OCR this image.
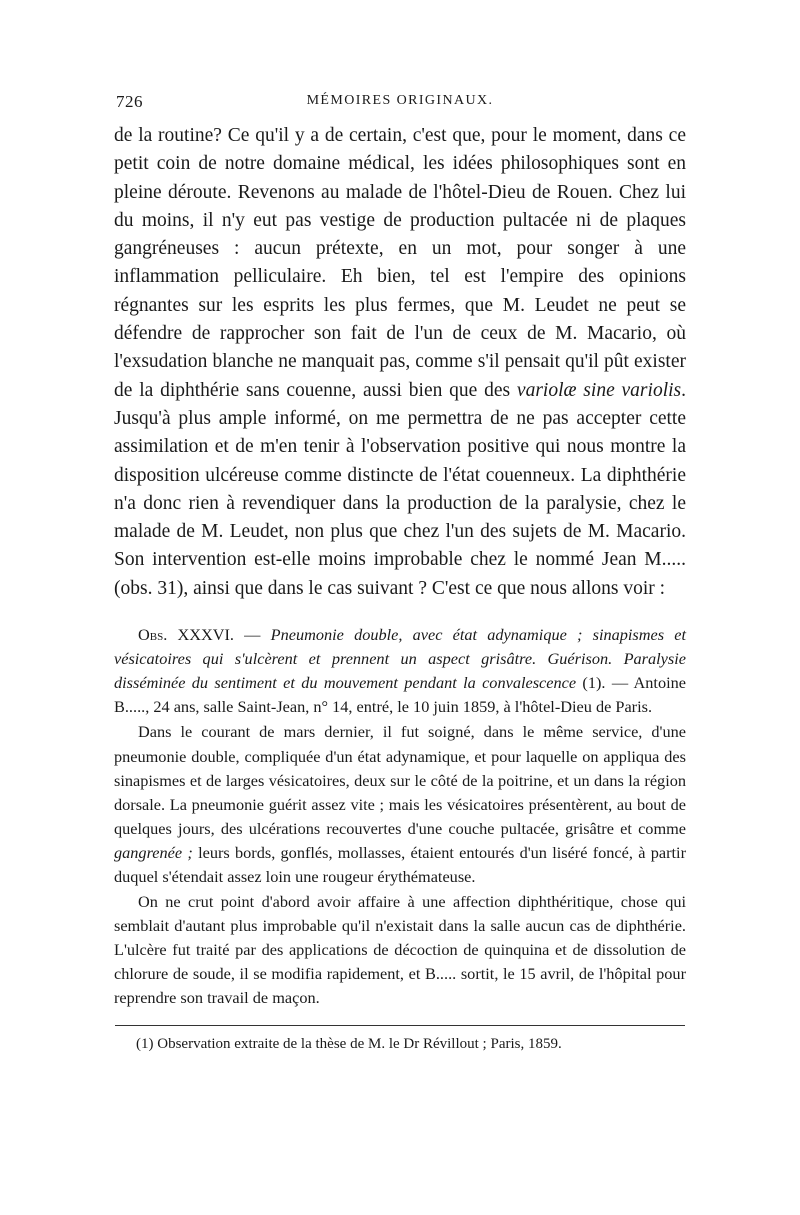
726	MÉMOIRES ORIGINAUX.

de la routine? Ce qu'il y a de certain, c'est que, pour le moment, dans ce petit coin de notre domaine médical, les idées philosophiques sont en pleine déroute. Revenons au malade de l'hôtel-Dieu de Rouen. Chez lui du moins, il n'y eut pas vestige de production pultacée ni de plaques gangréneuses : aucun prétexte, en un mot, pour songer à une inflammation pelliculaire. Eh bien, tel est l'empire des opinions régnantes sur les esprits les plus fermes, que M. Leudet ne peut se défendre de rapprocher son fait de l'un de ceux de M. Macario, où l'exsudation blanche ne manquait pas, comme s'il pensait qu'il pût exister de la diphthérie sans couenne, aussi bien que des variolæ sine variolis. Jusqu'à plus ample informé, on me permettra de ne pas accepter cette assimilation et de m'en tenir à l'observation positive qui nous montre la disposition ulcéreuse comme distincte de l'état couenneux. La diphthérie n'a donc rien à revendiquer dans la production de la paralysie, chez le malade de M. Leudet, non plus que chez l'un des sujets de M. Macario. Son intervention est-elle moins improbable chez le nommé Jean M..... (obs. 31), ainsi que dans le cas suivant ? C'est ce que nous allons voir :

Obs. XXXVI. — Pneumonie double, avec état adynamique ; sinapismes et vésicatoires qui s'ulcèrent et prennent un aspect grisâtre. Guérison. Paralysie disséminée du sentiment et du mouvement pendant la convalescence (1). — Antoine B....., 24 ans, salle Saint-Jean, n° 14, entré, le 10 juin 1859, à l'hôtel-Dieu de Paris.

Dans le courant de mars dernier, il fut soigné, dans le même service, d'une pneumonie double, compliquée d'un état adynamique, et pour laquelle on appliqua des sinapismes et de larges vésicatoires, deux sur le côté de la poitrine, et un dans la région dorsale. La pneumonie guérit assez vite ; mais les vésicatoires présentèrent, au bout de quelques jours, des ulcérations recouvertes d'une couche pultacée, grisâtre et comme gangrenée ; leurs bords, gonflés, mollasses, étaient entourés d'un liséré foncé, à partir duquel s'étendait assez loin une rougeur érythémateuse.

On ne crut point d'abord avoir affaire à une affection diphthéritique, chose qui semblait d'autant plus improbable qu'il n'existait dans la salle aucun cas de diphthérie. L'ulcère fut traité par des applications de décoction de quinquina et de dissolution de chlorure de soude, il se modifia rapidement, et B..... sortit, le 15 avril, de l'hôpital pour reprendre son travail de maçon.

(1) Observation extraite de la thèse de M. le Dr Révillout ; Paris, 1859.
